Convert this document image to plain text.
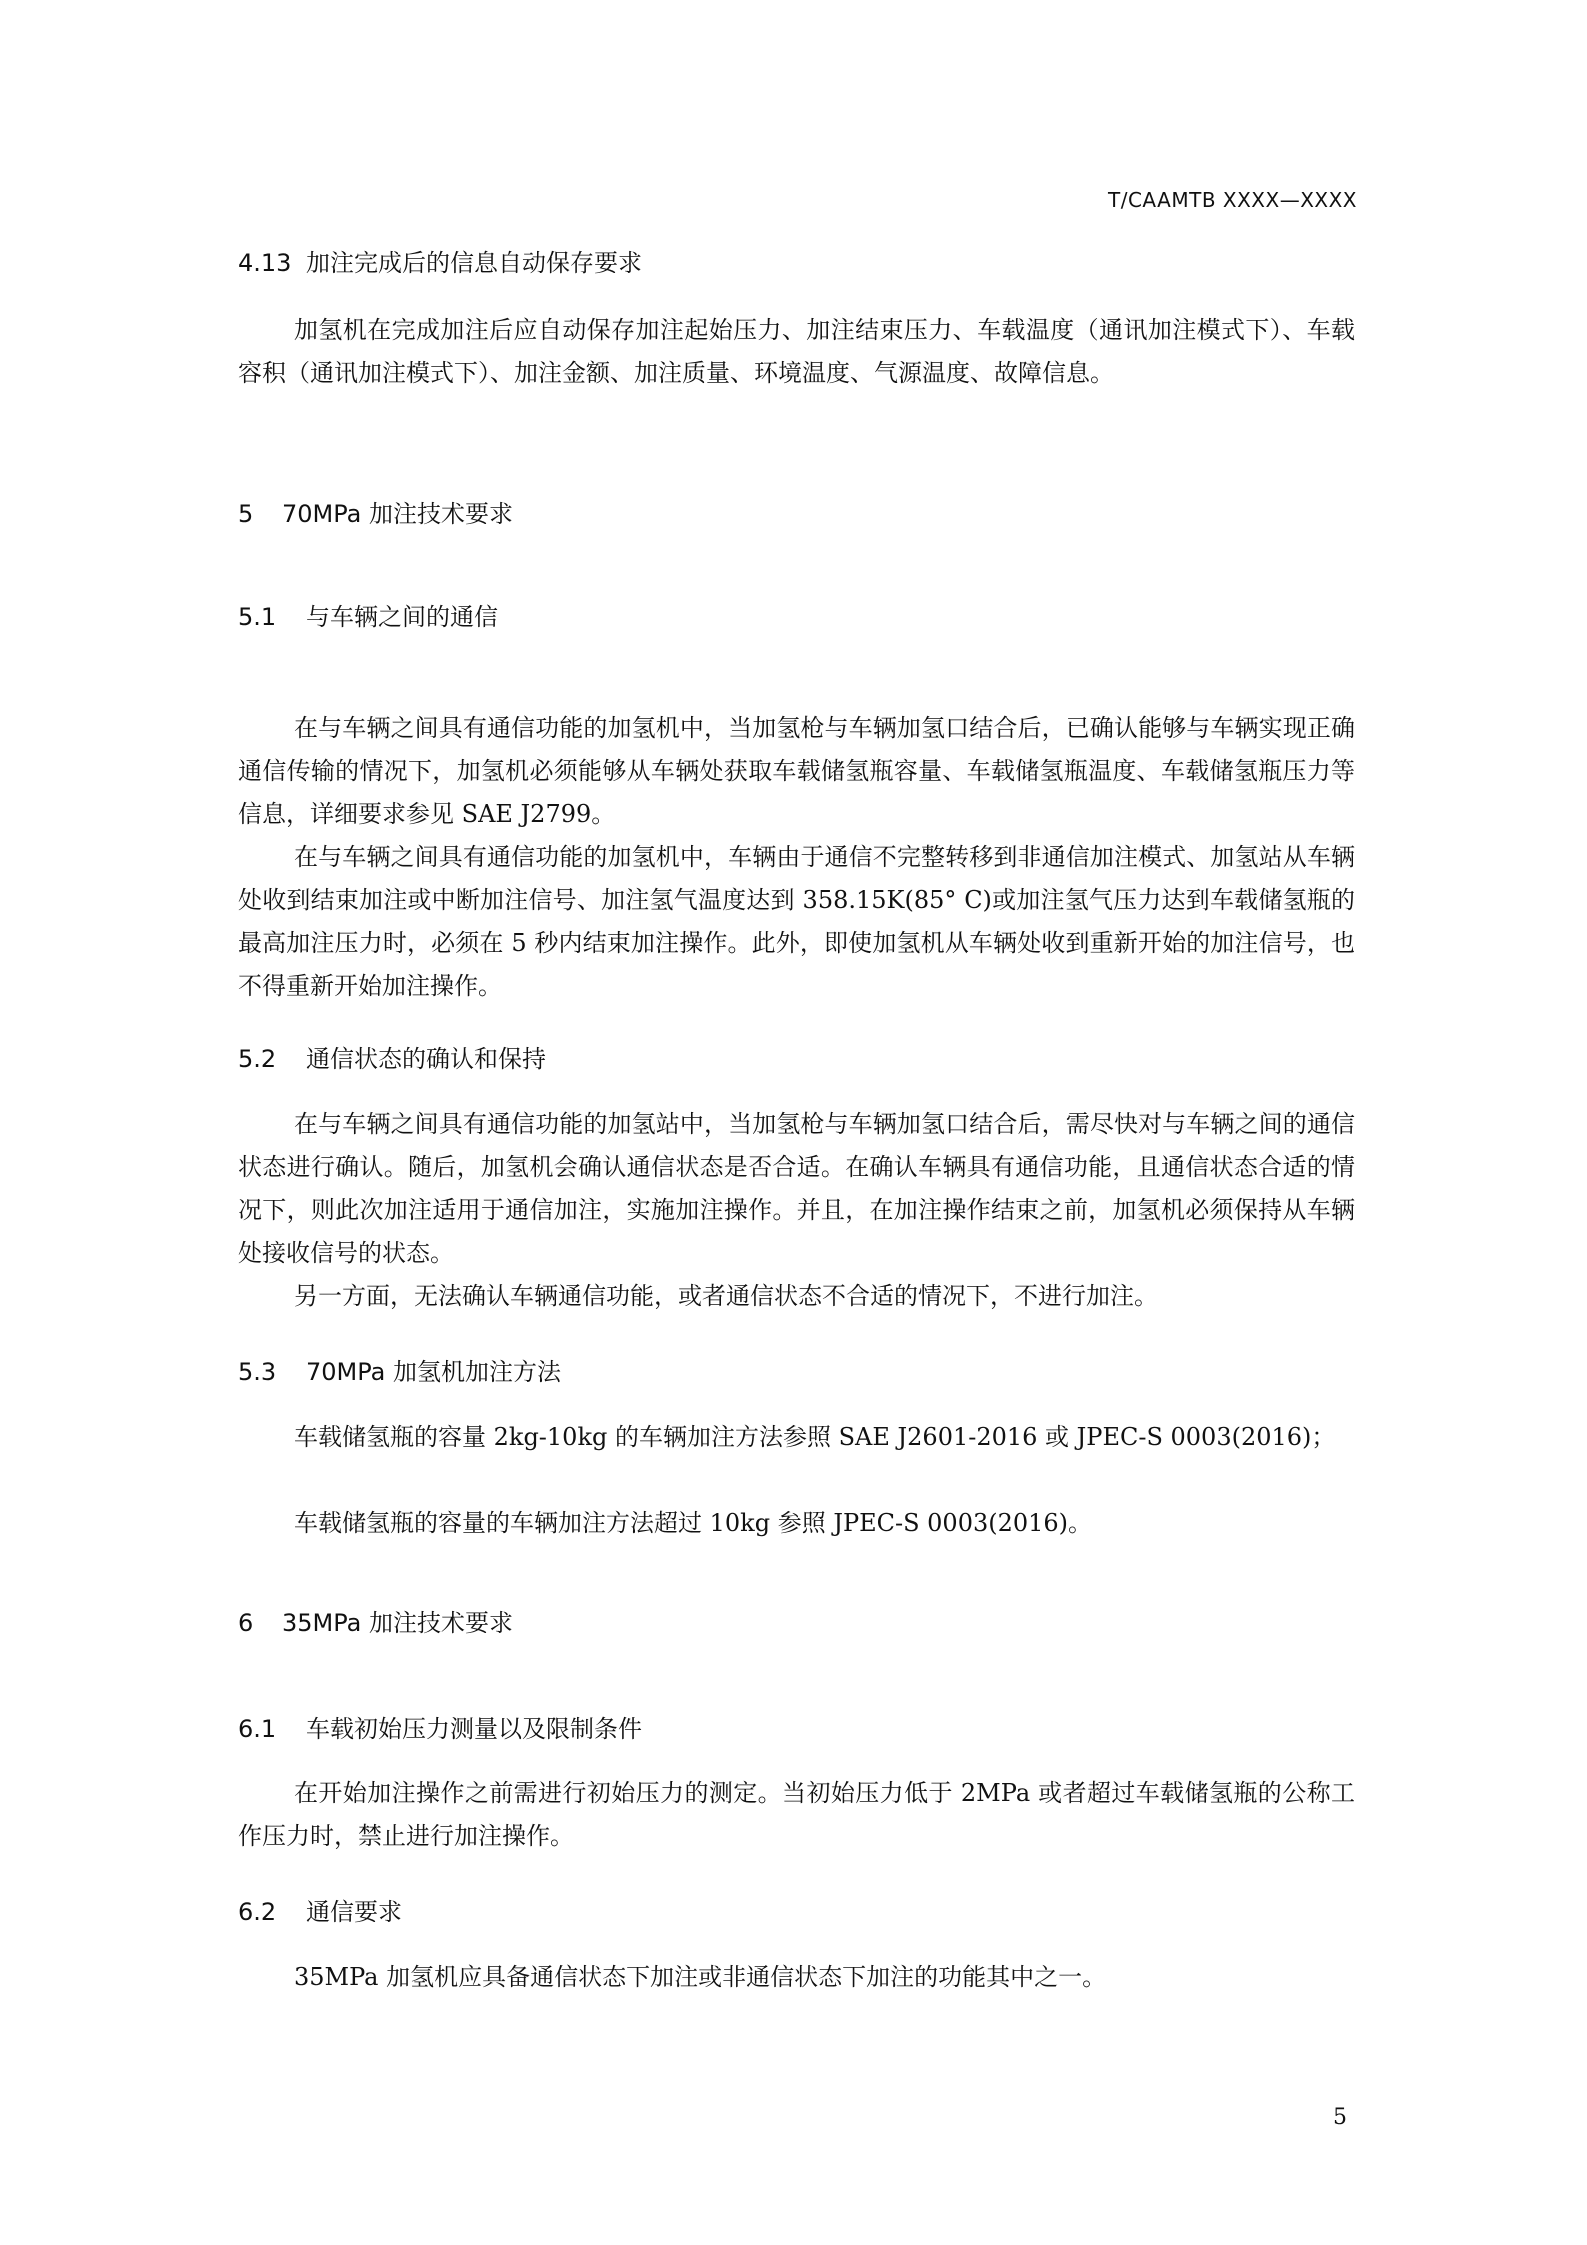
T/CAAMTB XXXX—XXXX
4.13 加注完成后的信息自动保存要求

加氢机在完成加注后应自动保存加注起始压力、加注结束压力、车载温度（通讯加注模式下）、车载容积（通讯加注模式下）、加注金额、加注质量、环境温度、气源温度、故障信息。

5 70MPa 加注技术要求
5.1 与车辆之间的通信

在与车辆之间具有通信功能的加氢机中，当加氢枪与车辆加氢口结合后，已确认能够与车辆实现正确通信传输的情况下，加氢机必须能够从车辆处获取车载储氢瓶容量、车载储氢瓶温度、车载储氢瓶压力等信息，详细要求参见 SAE J2799。

在与车辆之间具有通信功能的加氢机中，车辆由于通信不完整转移到非通信加注模式、加氢站从车辆处收到结束加注或中断加注信号、加注氢气温度达到 358.15K(85° C)或加注氢气压力达到车载储氢瓶的最高加注压力时，必须在 5 秒内结束加注操作。此外，即使加氢机从车辆处收到重新开始的加注信号，也不得重新开始加注操作。

5.2 通信状态的确认和保持

在与车辆之间具有通信功能的加氢站中，当加氢枪与车辆加氢口结合后，需尽快对与车辆之间的通信状态进行确认。随后，加氢机会确认通信状态是否合适。在确认车辆具有通信功能，且通信状态合适的情况下，则此次加注适用于通信加注，实施加注操作。并且，在加注操作结束之前，加氢机必须保持从车辆处接收信号的状态。

另一方面，无法确认车辆通信功能，或者通信状态不合适的情况下，不进行加注。

5.3 70MPa 加氢机加注方法

车载储氢瓶的容量 2kg-10kg 的车辆加注方法参照 SAE J2601-2016 或 JPEC-S 0003(2016)；

车载储氢瓶的容量的车辆加注方法超过 10kg 参照 JPEC-S 0003(2016)。

6 35MPa 加注技术要求
6.1 车载初始压力测量以及限制条件

在开始加注操作之前需进行初始压力的测定。当初始压力低于 2MPa 或者超过车载储氢瓶的公称工作压力时，禁止进行加注操作。

6.2 通信要求

35MPa 加氢机应具备通信状态下加注或非通信状态下加注的功能其中之一。

5
